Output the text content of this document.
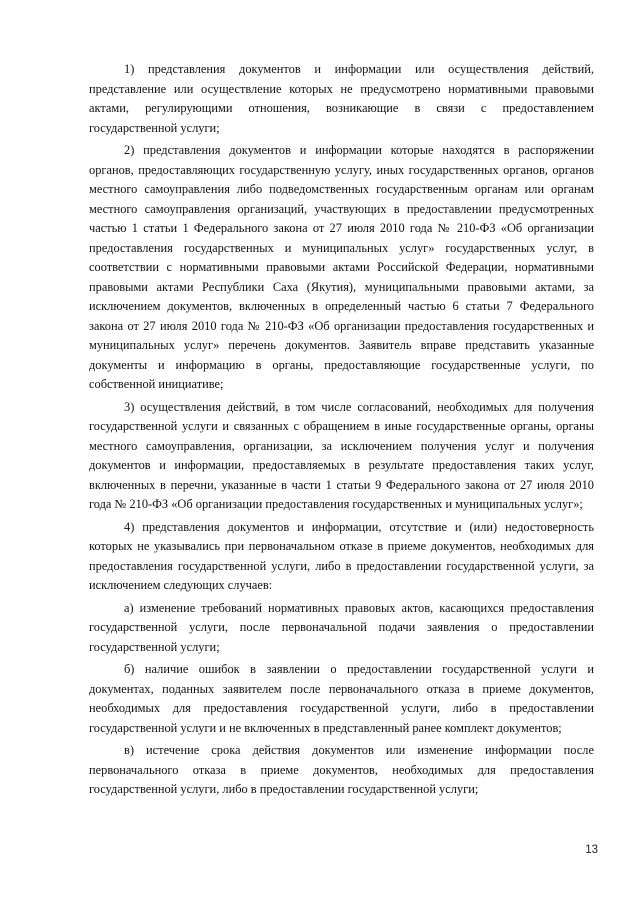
1) представления документов и информации или осуществления действий, представление или осуществление которых не предусмотрено нормативными правовыми актами, регулирующими отношения, возникающие в связи с предоставлением государственной услуги;

2) представления документов и информации которые находятся в распоряжении органов, предоставляющих государственную услугу, иных государственных органов, органов местного самоуправления либо подведомственных государственным органам или органам местного самоуправления организаций, участвующих в предоставлении предусмотренных частью 1 статьи 1 Федерального закона от 27 июля 2010 года № 210-ФЗ «Об организации предоставления государственных и муниципальных услуг» государственных услуг, в соответствии с нормативными правовыми актами Российской Федерации, нормативными правовыми актами Республики Саха (Якутия), муниципальными правовыми актами, за исключением документов, включенных в определенный частью 6 статьи 7 Федерального закона от 27 июля 2010 года № 210-ФЗ «Об организации предоставления государственных и муниципальных услуг» перечень документов. Заявитель вправе представить указанные документы и информацию в органы, предоставляющие государственные услуги, по собственной инициативе;

3) осуществления действий, в том числе согласований, необходимых для получения государственной услуги и связанных с обращением в иные государственные органы, органы местного самоуправления, организации, за исключением получения услуг и получения документов и информации, предоставляемых в результате предоставления таких услуг, включенных в перечни, указанные в части 1 статьи 9 Федерального закона от 27 июля 2010 года № 210-ФЗ «Об организации предоставления государственных и муниципальных услуг»;

4) представления документов и информации, отсутствие и (или) недостоверность которых не указывались при первоначальном отказе в приеме документов, необходимых для предоставления государственной услуги, либо в предоставлении государственной услуги, за исключением следующих случаев:

а) изменение требований нормативных правовых актов, касающихся предоставления государственной услуги, после первоначальной подачи заявления о предоставлении государственной услуги;

б) наличие ошибок в заявлении о предоставлении государственной услуги и документах, поданных заявителем после первоначального отказа в приеме документов, необходимых для предоставления государственной услуги, либо в предоставлении государственной услуги и не включенных в представленный ранее комплект документов;

в) истечение срока действия документов или изменение информации после первоначального отказа в приеме документов, необходимых для предоставления государственной услуги, либо в предоставлении государственной услуги;

13
